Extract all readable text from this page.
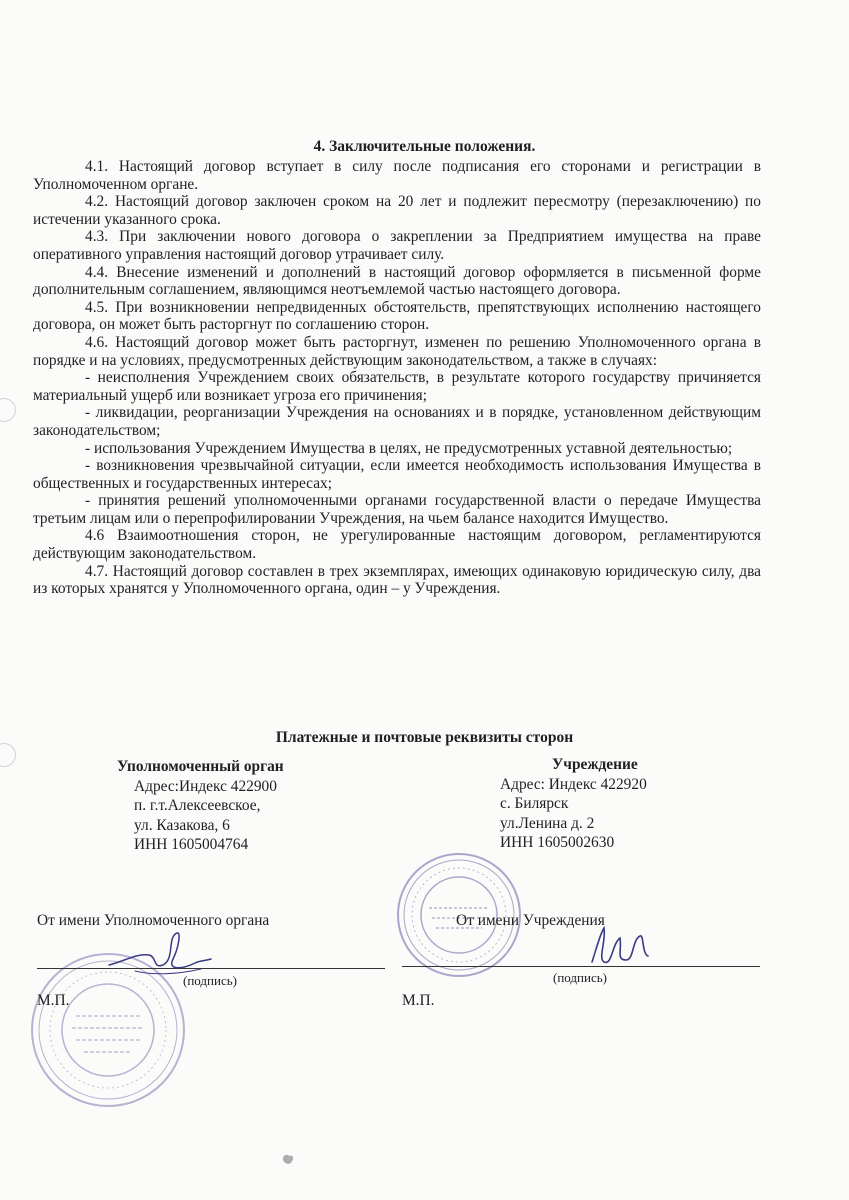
4. Заключительные положения.

4.1. Настоящий договор вступает в силу после подписания его сторонами и регистрации в Уполномоченном органе.

4.2. Настоящий договор заключен сроком на 20 лет и подлежит пересмотру (перезаключению) по истечении указанного срока.

4.3. При заключении нового договора о закреплении за Предприятием имущества на праве оперативного управления настоящий договор утрачивает силу.

4.4. Внесение изменений и дополнений в настоящий договор оформляется в письменной форме дополнительным соглашением, являющимся неотъемлемой частью настоящего договора.

4.5. При возникновении непредвиденных обстоятельств, препятствующих исполнению настоящего договора, он может быть расторгнут по соглашению сторон.

4.6. Настоящий договор может быть расторгнут, изменен по решению Уполномоченного органа в порядке и на условиях, предусмотренных действующим законодательством, а также в случаях:

- неисполнения Учреждением своих обязательств, в результате которого государству причиняется материальный ущерб или возникает угроза его причинения;

- ликвидации, реорганизации Учреждения на основаниях и в порядке, установленном действующим законодательством;

- использования Учреждением Имущества в целях, не предусмотренных уставной деятельностью;

- возникновения чрезвычайной ситуации, если имеется необходимость использования Имущества в общественных и государственных интересах;

- принятия решений уполномоченными органами государственной власти о передаче Имущества третьим лицам или о перепрофилировании Учреждения, на чьем балансе находится Имущество.

4.6 Взаимоотношения сторон, не урегулированные настоящим договором, регламентируются действующим законодательством.

4.7. Настоящий договор составлен в трех экземплярах, имеющих одинаковую юридическую силу, два из которых хранятся у Уполномоченного органа, один – у Учреждения.

Платежные и почтовые реквизиты сторон
Уполномоченный орган
Адрес:Индекс 422900
п. г.т.Алексеевское,
ул. Казакова, 6
ИНН 1605004764
Учреждение
Адрес: Индекс 422920
с. Билярск
ул.Ленина д. 2
ИНН 1605002630
От имени Уполномоченного органа	От имени Учреждения
(подпись)	(подпись)
М.П.	М.П.
